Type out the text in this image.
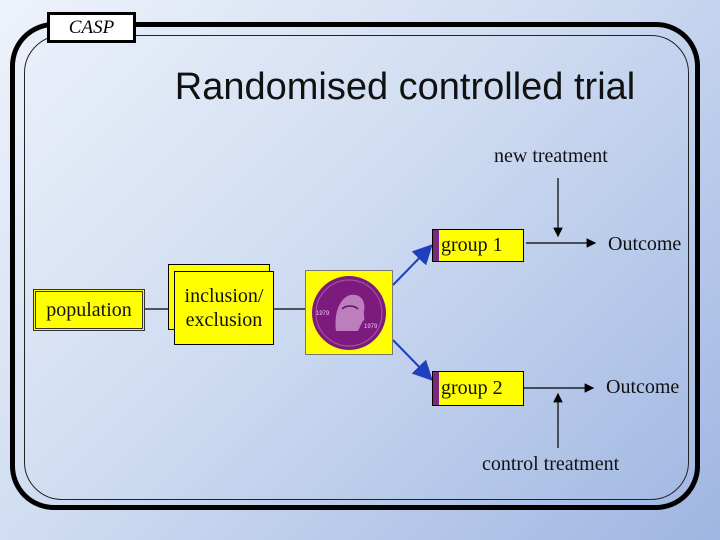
CASP
Randomised controlled trial
new treatment
control treatment
population
inclusion/
exclusion	1979
1979
group 1
group 2
Outcome
Outcome
